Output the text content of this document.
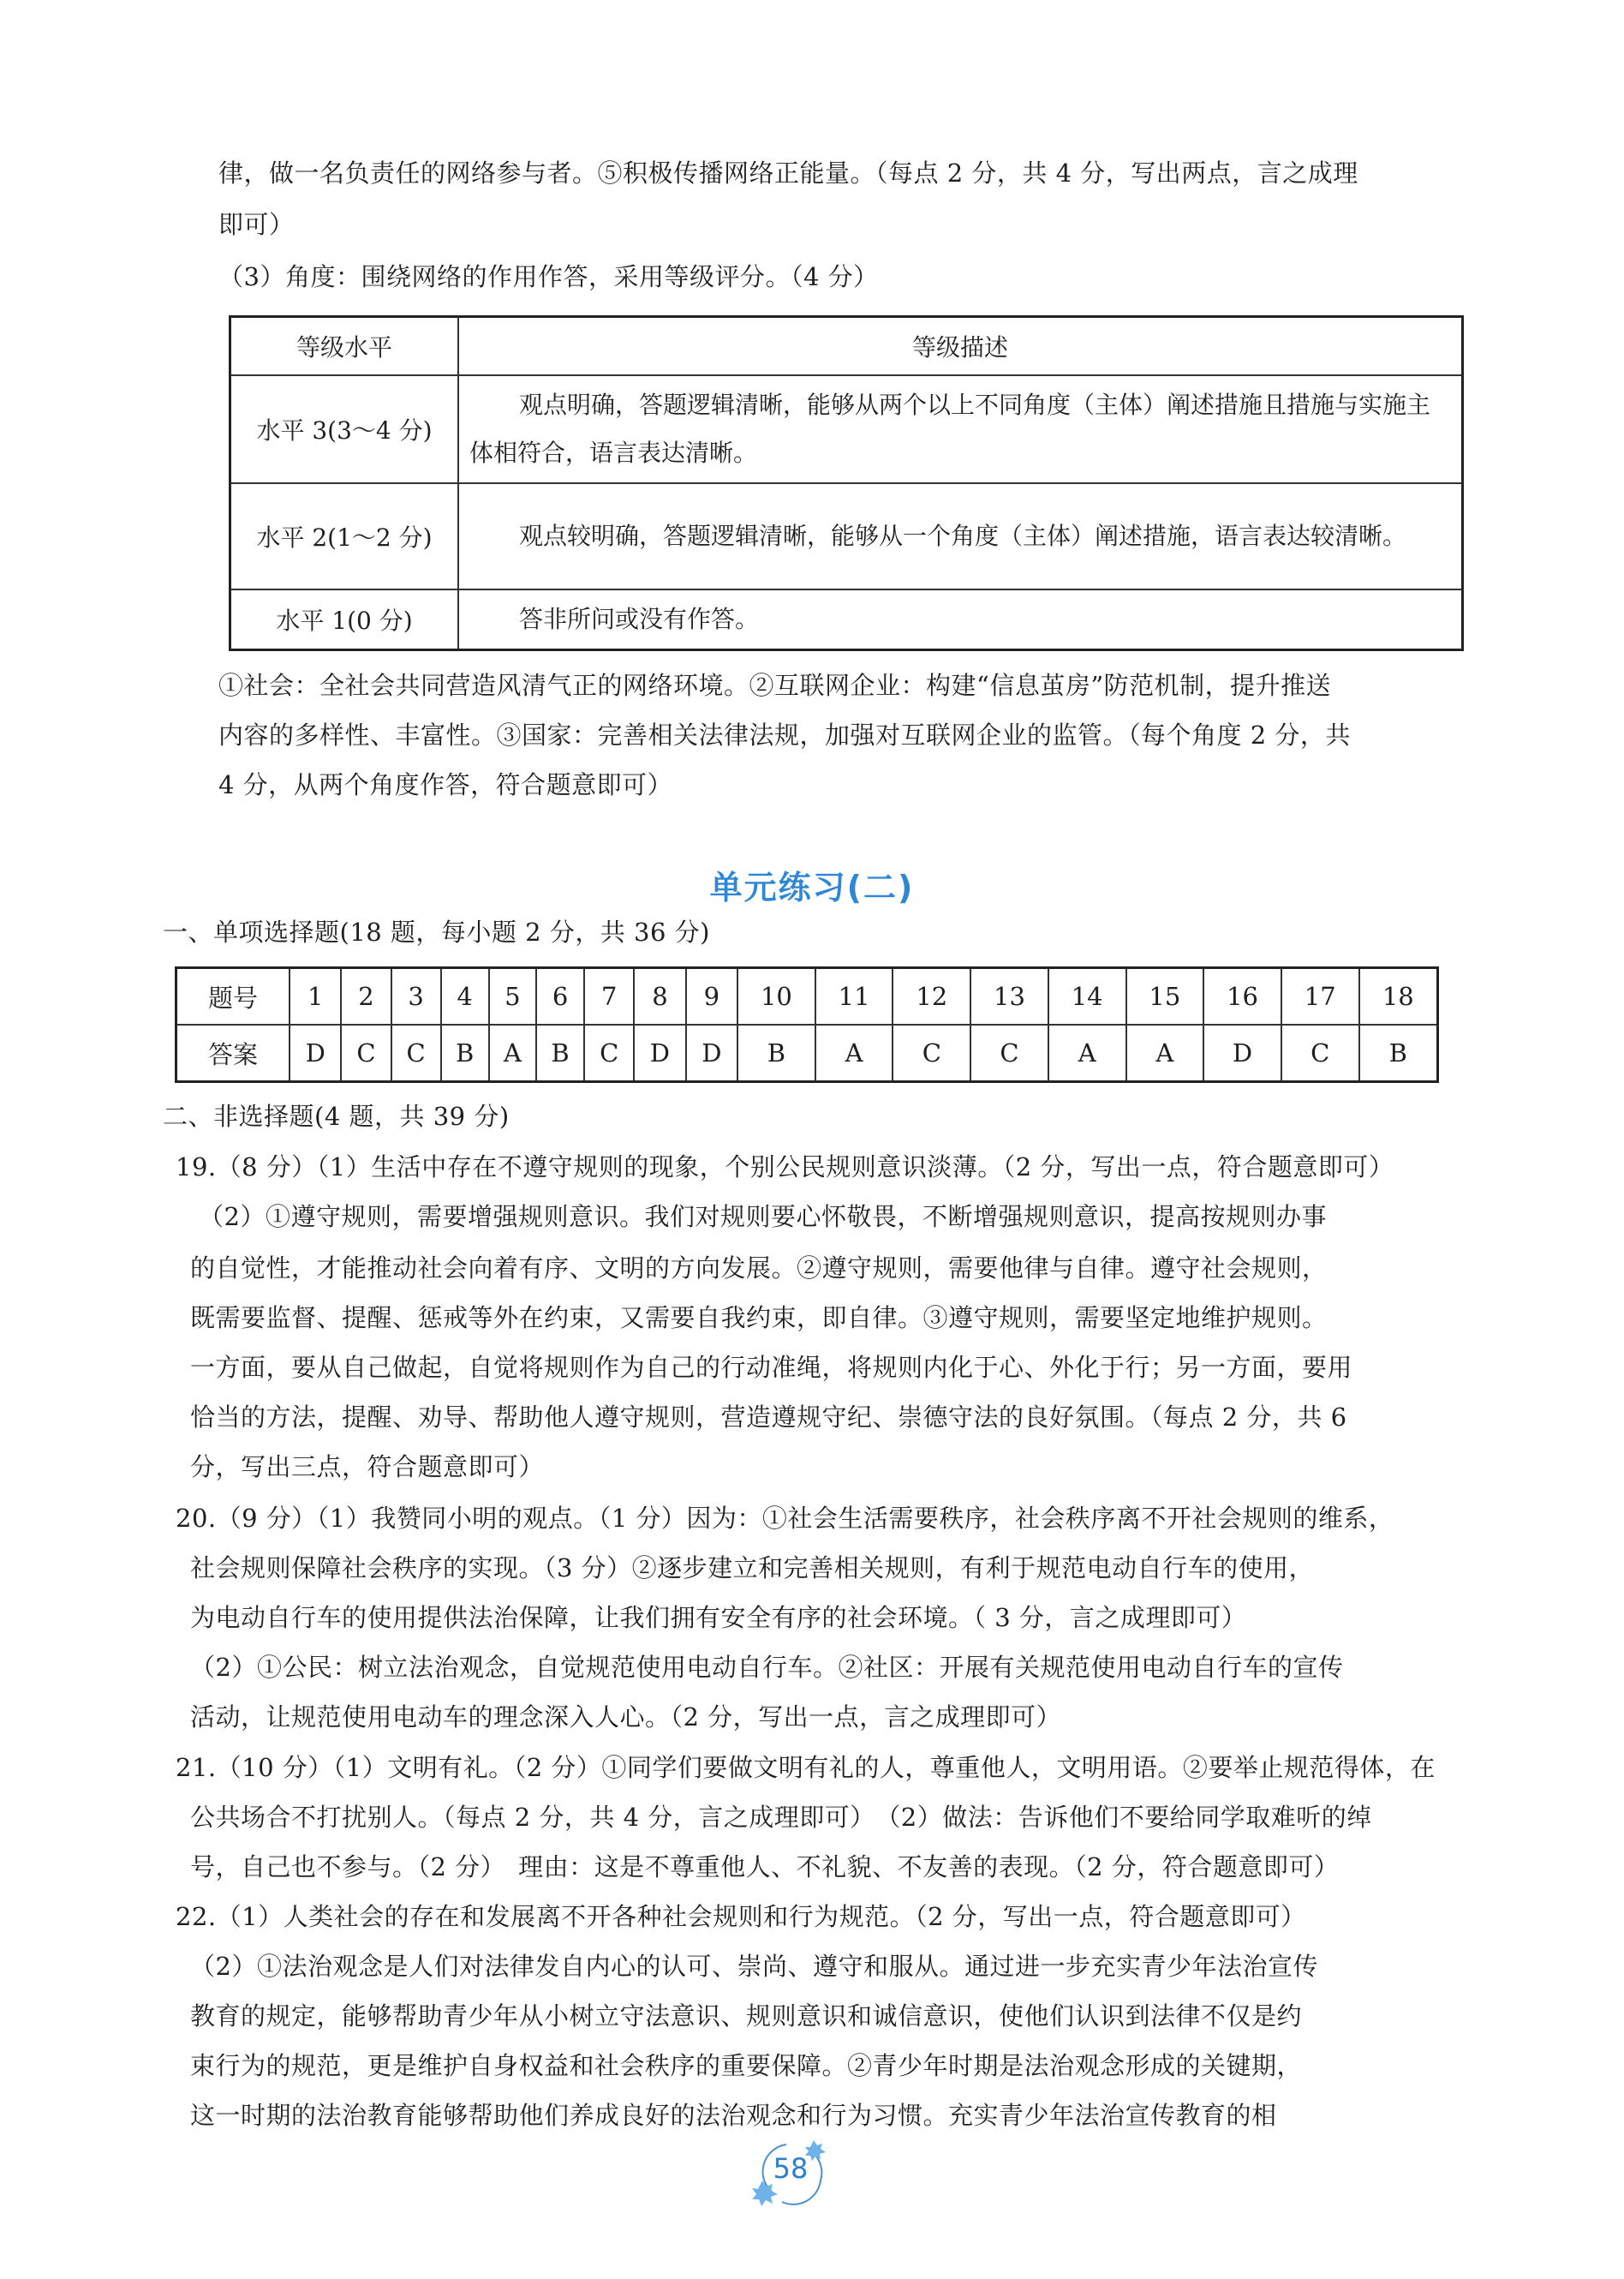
律，做一名负责任的网络参与者。⑤积极传播网络正能量。（每点 2 分，共 4 分，写出两点，言之成理
即可）
（3）角度：围绕网络的作用作答，采用等级评分。（4 分）
等级水平	等级描述
水平 3(3～4 分)	观点明确，答题逻辑清晰，能够从两个以上不同角度（主体）阐述措施且措施与实施主体相符合，语言表达清晰。
水平 2(1～2 分)	观点较明确，答题逻辑清晰，能够从一个角度（主体）阐述措施，语言表达较清晰。
水平 1(0 分)	答非所问或没有作答。
①社会：全社会共同营造风清气正的网络环境。②互联网企业：构建“信息茧房”防范机制，提升推送
内容的多样性、丰富性。③国家：完善相关法律法规，加强对互联网企业的监管。（每个角度 2 分，共
4 分，从两个角度作答，符合题意即可）
单元练习(二)
一、单项选择题(18 题，每小题 2 分，共 36 分)
题号	1	2	3	4	5	6	7	8	9	10	11	12	13	14	15	16	17	18
答案	D	C	C	B	A	B	C	D	D	B	A	C	C	A	A	D	C	B
二、非选择题(4 题，共 39 分)
19.（8 分）（1）生活中存在不遵守规则的现象，个别公民规则意识淡薄。（2 分，写出一点，符合题意即可）
（2）①遵守规则，需要增强规则意识。我们对规则要心怀敬畏，不断增强规则意识，提高按规则办事
的自觉性，才能推动社会向着有序、文明的方向发展。②遵守规则，需要他律与自律。遵守社会规则，
既需要监督、提醒、惩戒等外在约束，又需要自我约束，即自律。③遵守规则，需要坚定地维护规则。
一方面，要从自己做起，自觉将规则作为自己的行动准绳，将规则内化于心、外化于行；另一方面，要用
恰当的方法，提醒、劝导、帮助他人遵守规则，营造遵规守纪、崇德守法的良好氛围。（每点 2 分，共 6
分，写出三点，符合题意即可）
20.（9 分）（1）我赞同小明的观点。（1 分）因为：①社会生活需要秩序，社会秩序离不开社会规则的维系，
社会规则保障社会秩序的实现。（3 分）②逐步建立和完善相关规则，有利于规范电动自行车的使用，
为电动自行车的使用提供法治保障，让我们拥有安全有序的社会环境。（ 3 分，言之成理即可）
（2）①公民：树立法治观念，自觉规范使用电动自行车。②社区：开展有关规范使用电动自行车的宣传
活动，让规范使用电动车的理念深入人心。（2 分，写出一点，言之成理即可）
21.（10 分）（1）文明有礼。（2 分）①同学们要做文明有礼的人，尊重他人，文明用语。②要举止规范得体，在
公共场合不打扰别人。（每点 2 分，共 4 分，言之成理即可）　（2）做法：告诉他们不要给同学取难听的绰
号，自己也不参与。（2 分）　理由：这是不尊重他人、不礼貌、不友善的表现。（2 分，符合题意即可）
22.（1）人类社会的存在和发展离不开各种社会规则和行为规范。（2 分，写出一点，符合题意即可）
（2）①法治观念是人们对法律发自内心的认可、崇尚、遵守和服从。通过进一步充实青少年法治宣传
教育的规定，能够帮助青少年从小树立守法意识、规则意识和诚信意识，使他们认识到法律不仅是约
束行为的规范，更是维护自身权益和社会秩序的重要保障。②青少年时期是法治观念形成的关键期，
这一时期的法治教育能够帮助他们养成良好的法治观念和行为习惯。充实青少年法治宣传教育的相
58
